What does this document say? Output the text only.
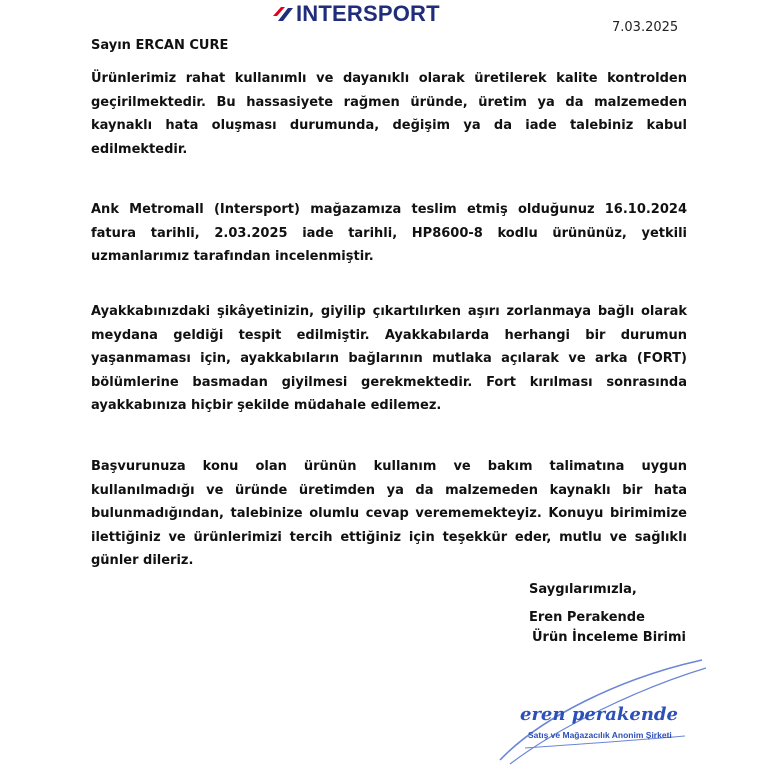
INTERSPORT
7.03.2025
Sayın ERCAN CURE

Ürünlerimiz rahat kullanımlı ve dayanıklı olarak üretilerek kalite kontrolden geçirilmektedir. Bu hassasiyete rağmen üründe, üretim ya da malzemeden kaynaklı hata oluşması durumunda, değişim ya da iade talebiniz kabul edilmektedir.

Ank Metromall (Intersport) mağazamıza teslim etmiş olduğunuz 16.10.2024 fatura tarihli, 2.03.2025 iade tarihli, HP8600-8 kodlu ürününüz, yetkili uzmanlarımız tarafından incelenmiştir.

Ayakkabınızdaki şikâyetinizin, giyilip çıkartılırken aşırı zorlanmaya bağlı olarak meydana geldiği tespit edilmiştir. Ayakkabılarda herhangi bir durumun yaşanmaması için, ayakkabıların bağlarının mutlaka açılarak ve arka (FORT) bölümlerine basmadan giyilmesi gerekmektedir. Fort kırılması sonrasında ayakkabınıza hiçbir şekilde müdahale edilemez.

Başvurunuza konu olan ürünün kullanım ve bakım talimatına uygun kullanılmadığı ve üründe üretimden ya da malzemeden kaynaklı bir hata bulunmadığından, talebinize olumlu cevap verememekteyiz. Konuyu birimimize ilettiğiniz ve ürünlerimizi tercih ettiğiniz için teşekkür eder, mutlu ve sağlıklı günler dileriz.

Saygılarımızla,
Eren Perakende
Ürün İnceleme Birimi
eren perakende
Satış ve Mağazacılık Anonim Şirketi
